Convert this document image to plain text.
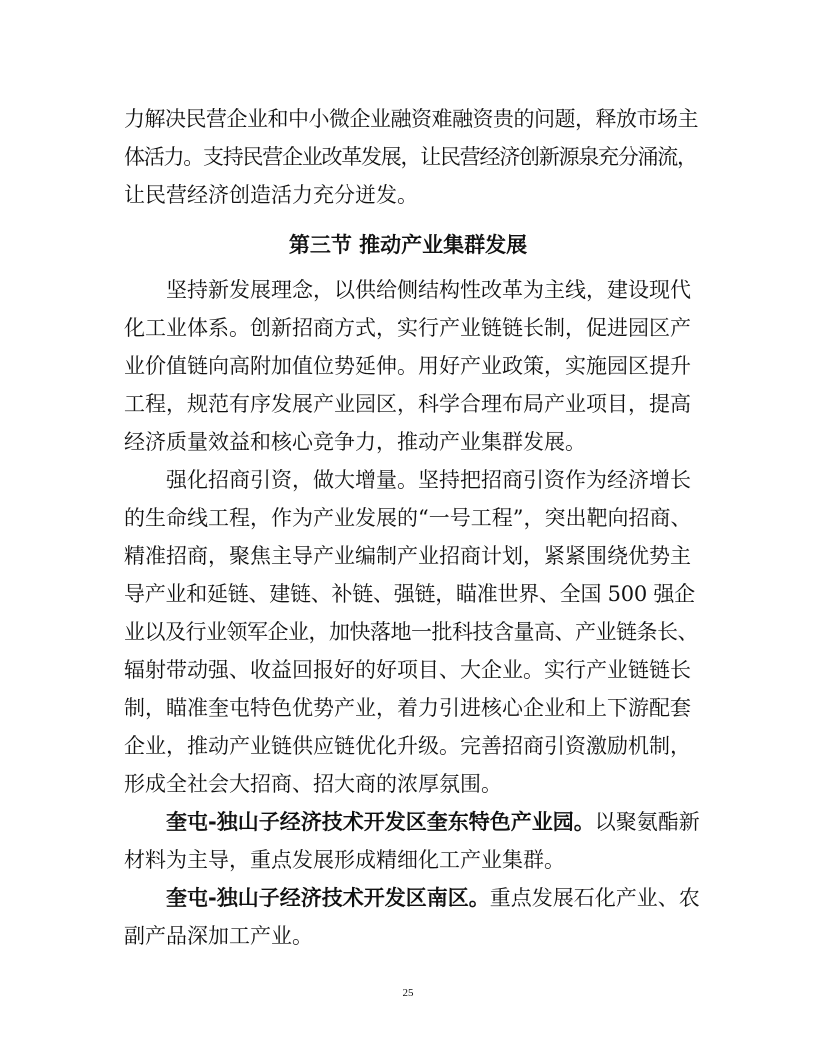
力解决民营企业和中小微企业融资难融资贵的问题，释放市场主
体活力。支持民营企业改革发展，让民营经济创新源泉充分涌流，
让民营经济创造活力充分迸发。
第三节 推动产业集群发展
坚持新发展理念，以供给侧结构性改革为主线，建设现代
化工业体系。创新招商方式，实行产业链链长制，促进园区产
业价值链向高附加值位势延伸。用好产业政策，实施园区提升
工程，规范有序发展产业园区，科学合理布局产业项目，提高
经济质量效益和核心竞争力，推动产业集群发展。
强化招商引资，做大增量。坚持把招商引资作为经济增长
的生命线工程，作为产业发展的“一号工程”，突出靶向招商、
精准招商，聚焦主导产业编制产业招商计划，紧紧围绕优势主
导产业和延链、建链、补链、强链，瞄准世界、全国 500 强企
业以及行业领军企业，加快落地一批科技含量高、产业链条长、
辐射带动强、收益回报好的好项目、大企业。实行产业链链长
制，瞄准奎屯特色优势产业，着力引进核心企业和上下游配套
企业，推动产业链供应链优化升级。完善招商引资激励机制，
形成全社会大招商、招大商的浓厚氛围。
奎屯-独山子经济技术开发区奎东特色产业园。以聚氨酯新
材料为主导，重点发展形成精细化工产业集群。
奎屯-独山子经济技术开发区南区。重点发展石化产业、农
副产品深加工产业。
25
